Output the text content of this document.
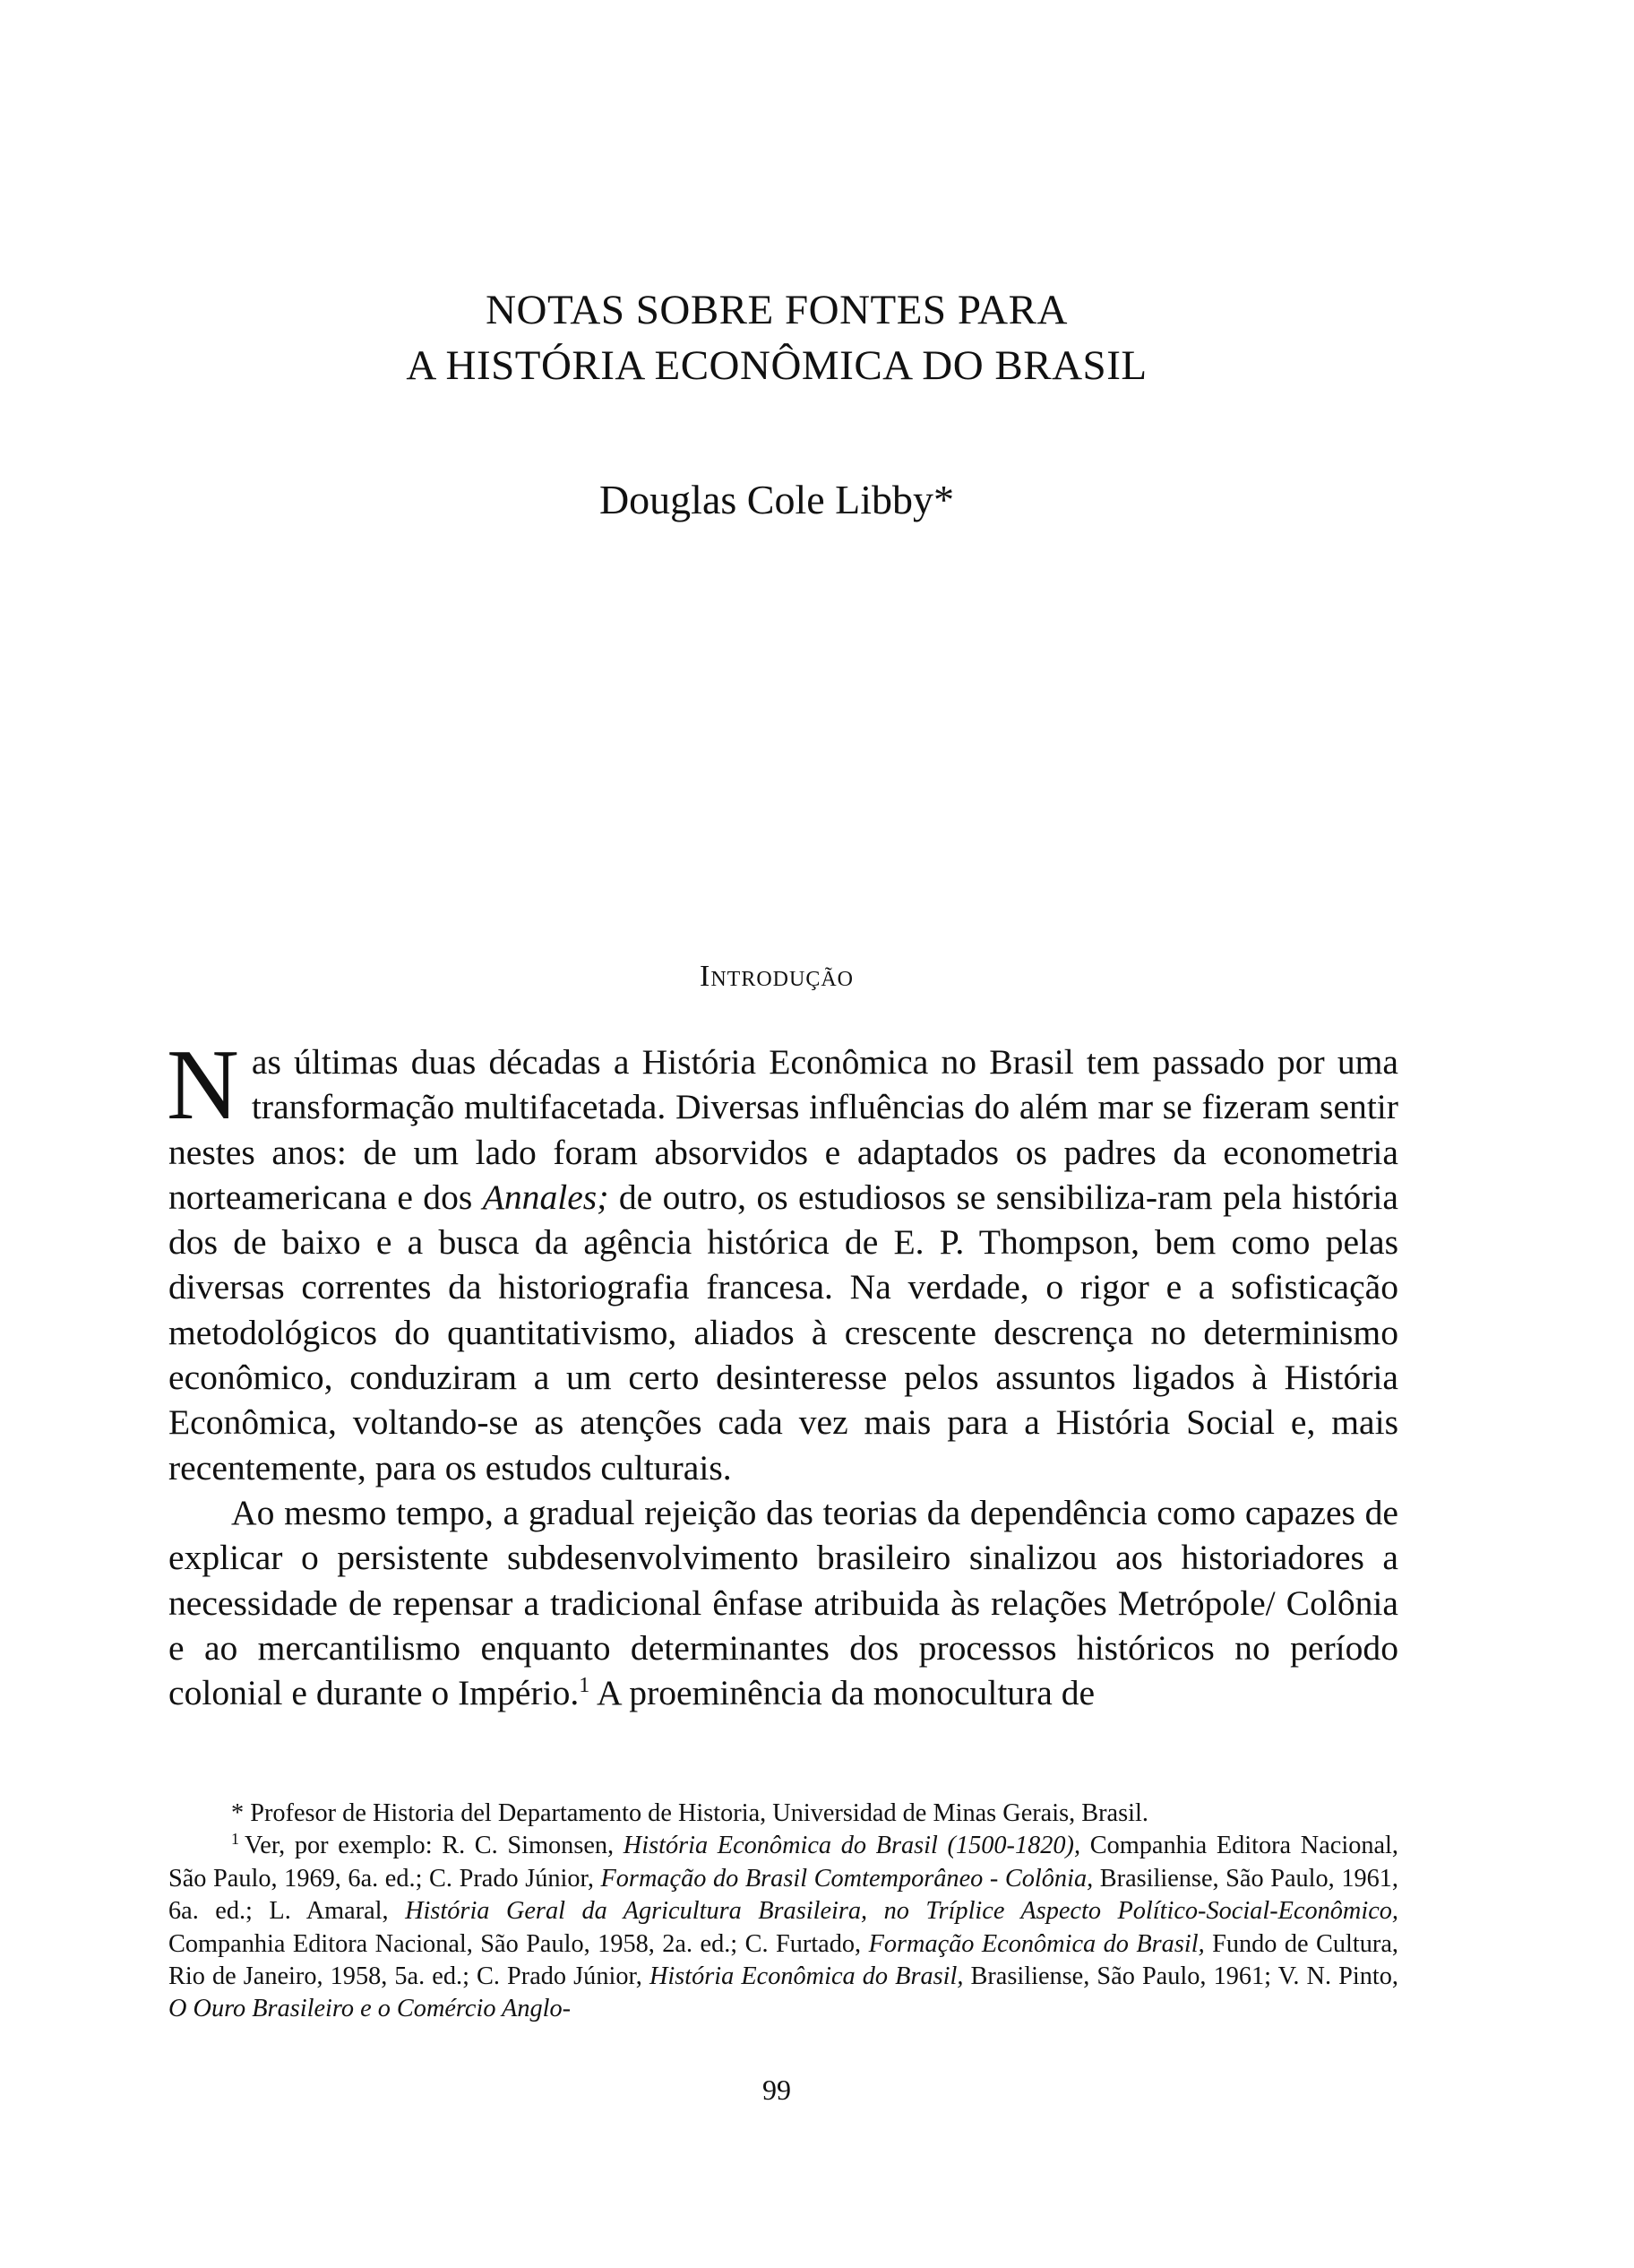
NOTAS SOBRE FONTES PARA
A HISTÓRIA ECONÔMICA DO BRASIL
Douglas Cole Libby*
Introdução

Nas últimas duas décadas a História Econômica no Brasil tem passado por uma transformação multifacetada. Diversas influências do além mar se fizeram sentir nestes anos: de um lado foram absorvidos e adaptados os padres da econometria norteamericana e dos Annales; de outro, os estudiosos se sensibiliza-ram pela história dos de baixo e a busca da agência histórica de E. P. Thompson, bem como pelas diversas correntes da historiografia francesa. Na verdade, o rigor e a sofisticação metodológicos do quantitativismo, aliados à crescente descrença no determinismo econômico, conduziram a um certo desinteresse pelos assuntos ligados à História Econômica, voltando-se as atenções cada vez mais para a História Social e, mais recentemente, para os estudos culturais.

Ao mesmo tempo, a gradual rejeição das teorias da dependência como capazes de explicar o persistente subdesenvolvimento brasileiro sinalizou aos historiadores a necessidade de repensar a tradicional ênfase atribuida às relações Metrópole/ Colônia e ao mercantilismo enquanto determinantes dos processos históricos no período colonial e durante o Império.$^1$ A proeminência da monocultura de

* Profesor de Historia del Departamento de Historia, Universidad de Minas Gerais, Brasil.

$^1$ Ver, por exemplo: R. C. Simonsen, História Econômica do Brasil (1500-1820), Companhia Editora Nacional, São Paulo, 1969, 6a. ed.; C. Prado Júnior, Formação do Brasil Comtemporâneo - Colônia, Brasiliense, São Paulo, 1961, 6a. ed.; L. Amaral, História Geral da Agricultura Brasileira, no Tríplice Aspecto Político-Social-Econômico, Companhia Editora Nacional, São Paulo, 1958, 2a. ed.; C. Furtado, Formação Econômica do Brasil, Fundo de Cultura, Rio de Janeiro, 1958, 5a. ed.; C. Prado Júnior, História Econômica do Brasil, Brasiliense, São Paulo, 1961; V. N. Pinto, O Ouro Brasileiro e o Comércio Anglo-

99
